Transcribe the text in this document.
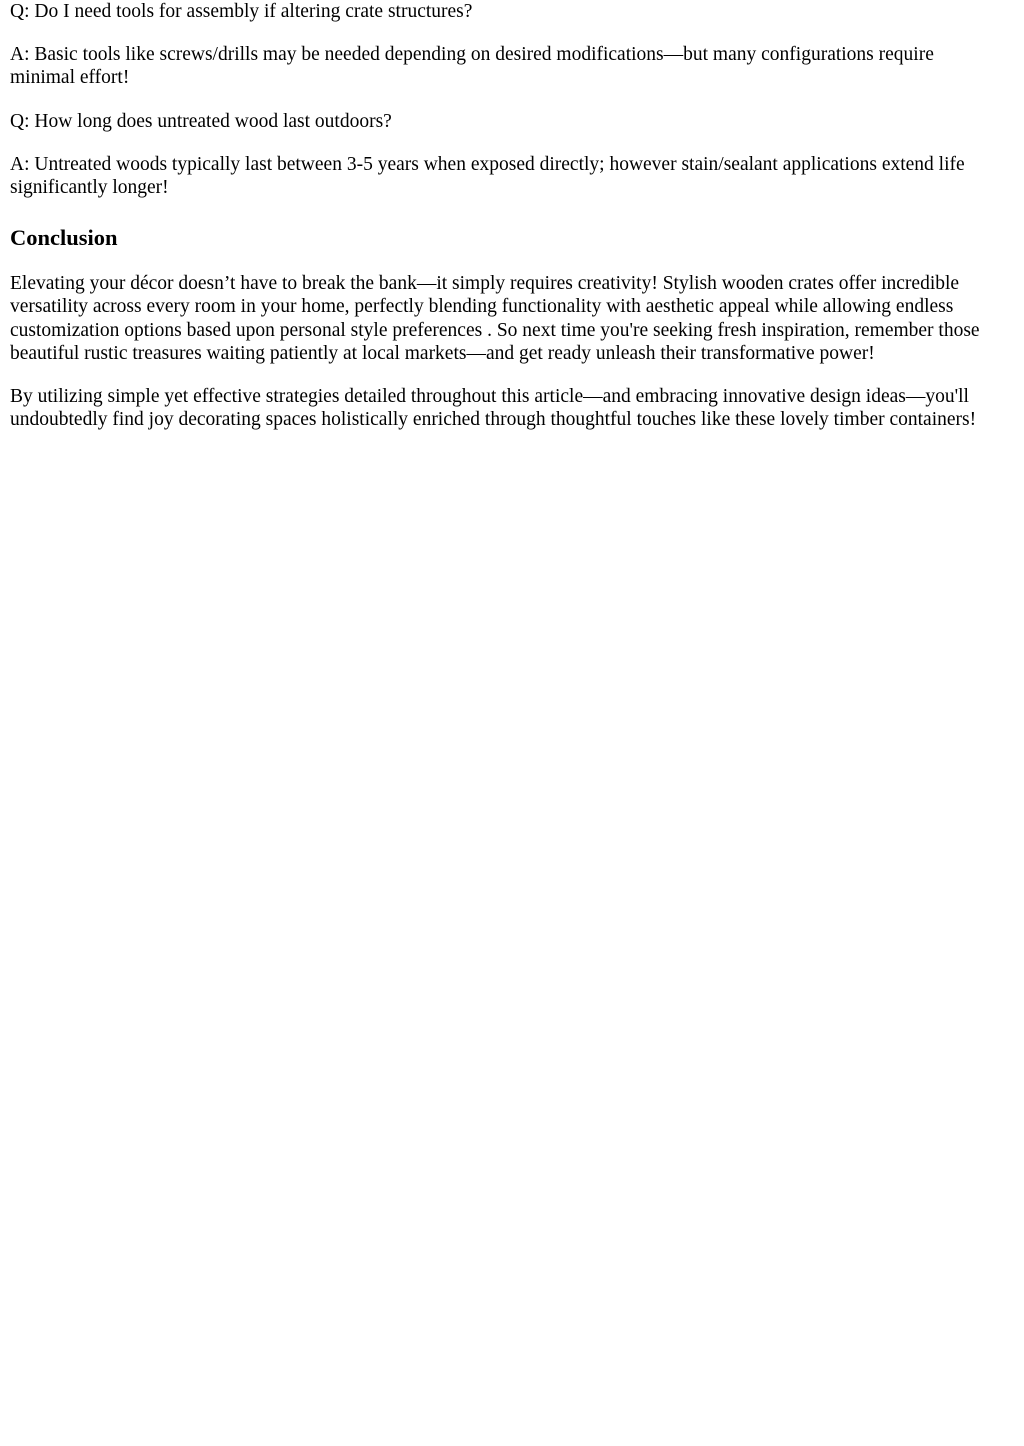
Q: Do I need tools for assembly if altering crate structures?

A: Basic tools like screws/drills may be needed depending on desired modifications—but many configurations require minimal effort!

Q: How long does untreated wood last outdoors?

A: Untreated woods typically last between 3-5 years when exposed directly; however stain/sealant applications extend life significantly longer!

Conclusion

Elevating your décor doesn’t have to break the bank—it simply requires creativity! Stylish wooden crates offer incredible versatility across every room in your home, perfectly blending functionality with aesthetic appeal while allowing endless customization options based upon personal style preferences . So next time you're seeking fresh inspiration, remember those beautiful rustic treasures waiting patiently at local markets—and get ready unleash their transformative power!

By utilizing simple yet effective strategies detailed throughout this article—and embracing innovative design ideas—you'll undoubtedly find joy decorating spaces holistically enriched through thoughtful touches like these lovely timber containers!
